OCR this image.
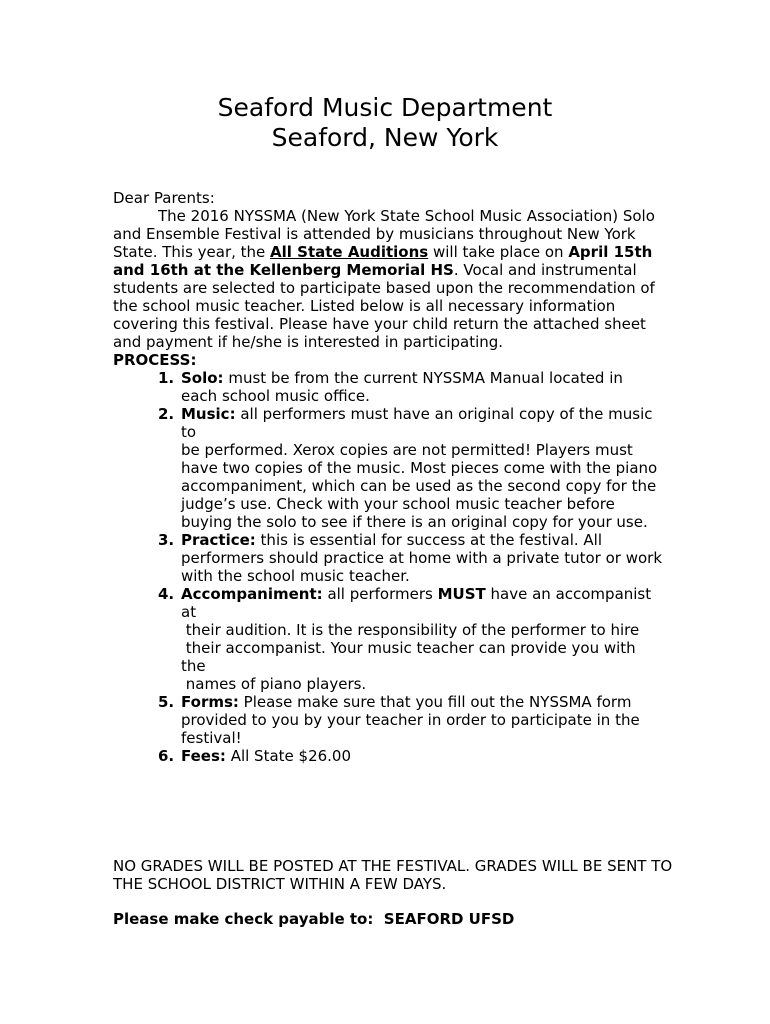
Seaford Music Department
Seaford, New York

Dear Parents:

The 2016 NYSSMA (New York State School Music Association) Solo and Ensemble Festival is attended by musicians throughout New York State. This year, the All State Auditions will take place on April 15th and 16th at the Kellenberg Memorial HS. Vocal and instrumental students are selected to participate based upon the recommendation of the school music teacher. Listed below is all necessary information covering this festival. Please have your child return the attached sheet and payment if he/she is interested in participating.

PROCESS:

1. Solo: must be from the current NYSSMA Manual located in each school music office.
2. Music: all performers must have an original copy of the music to
be performed. Xerox copies are not permitted! Players must have two copies of the music. Most pieces come with the piano accompaniment, which can be used as the second copy for the judge’s use. Check with your school music teacher before buying the solo to see if there is an original copy for your use.
3. Practice: this is essential for success at the festival. All performers should practice at home with a private tutor or work with the school music teacher.
4. Accompaniment: all performers MUST have an accompanist at
their audition. It is the responsibility of the performer to hire
their accompanist. Your music teacher can provide you with the
names of piano players.
5. Forms: Please make sure that you fill out the NYSSMA form provided to you by your teacher in order to participate in the festival!
6. Fees: All State $26.00

NO GRADES WILL BE POSTED AT THE FESTIVAL. GRADES WILL BE SENT TO THE SCHOOL DISTRICT WITHIN A FEW DAYS.

Please make check payable to:  SEAFORD UFSD
